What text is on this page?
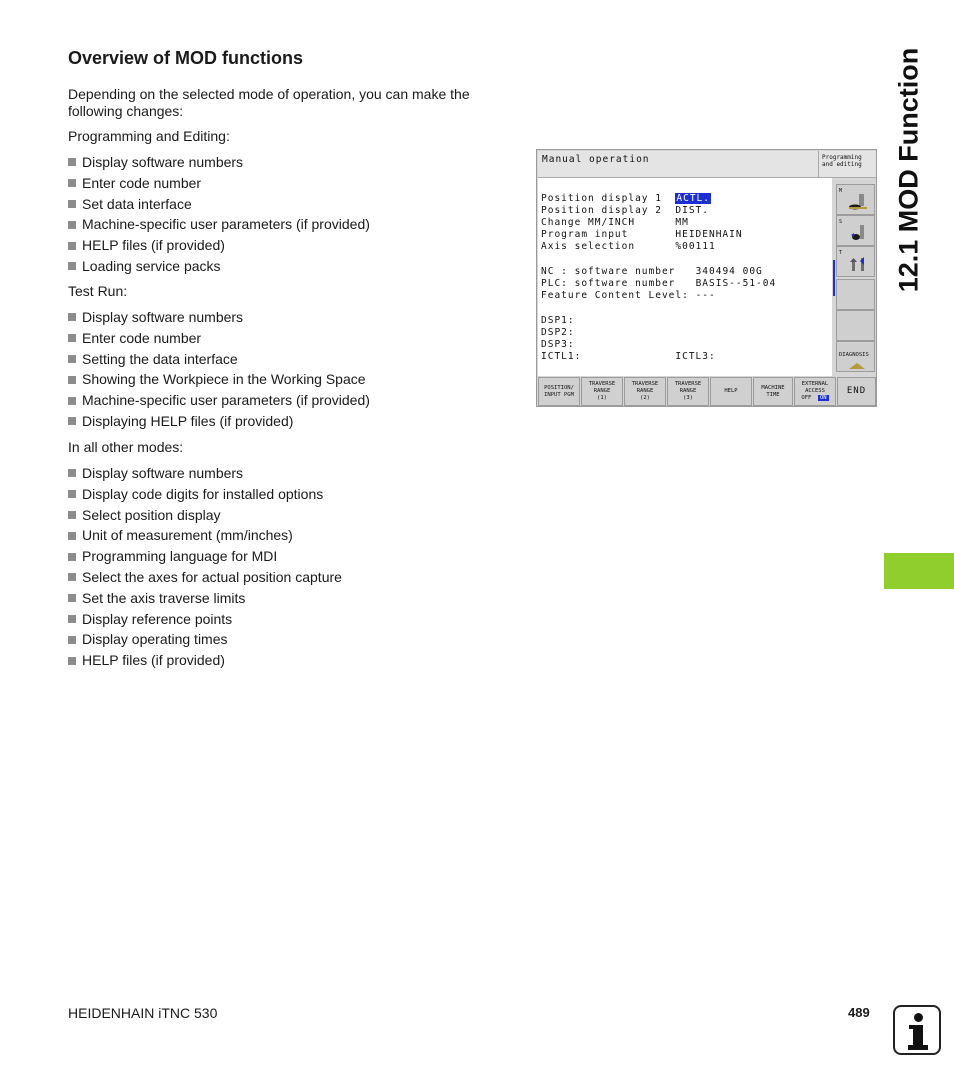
Overview of MOD functions

Depending on the selected mode of operation, you can make the following changes:

Programming and Editing:

Display software numbers
Enter code number
Set data interface
Machine-specific user parameters (if provided)
HELP files (if provided)
Loading service packs

Test Run:

Display software numbers
Enter code number
Setting the data interface
Showing the Workpiece in the Working Space
Machine-specific user parameters (if provided)
Displaying HELP files (if provided)

In all other modes:

Display software numbers
Display code digits for installed options
Select position display
Unit of measurement (mm/inches)
Programming language for MDI
Select the axes for actual position capture
Set the axis traverse limits
Display reference points
Display operating times
HELP files (if provided)
Manual operation	Programming and editing
Position display 1  ACTL.
Position display 2  DIST.
Change MM/INCH      MM
Program input       HEIDENHAIN
Axis selection      %00111
NC : software number   340494 00G
PLC: software number   BASIS--51-04
Feature Content Level: ---
DSP1:
DSP2:
DSP3:
ICTL1:              ICTL3:
M
S
T
DIAGNOSIS
POSITION/
INPUT PGM
TRAVERSE
RANGE
(1)
TRAVERSE
RANGE
(2)
TRAVERSE
RANGE
(3)
HELP
MACHINE
TIME
EXTERNAL
ACCESS
OFF ON
END
12.1 MOD Function
HEIDENHAIN iTNC 530	489
